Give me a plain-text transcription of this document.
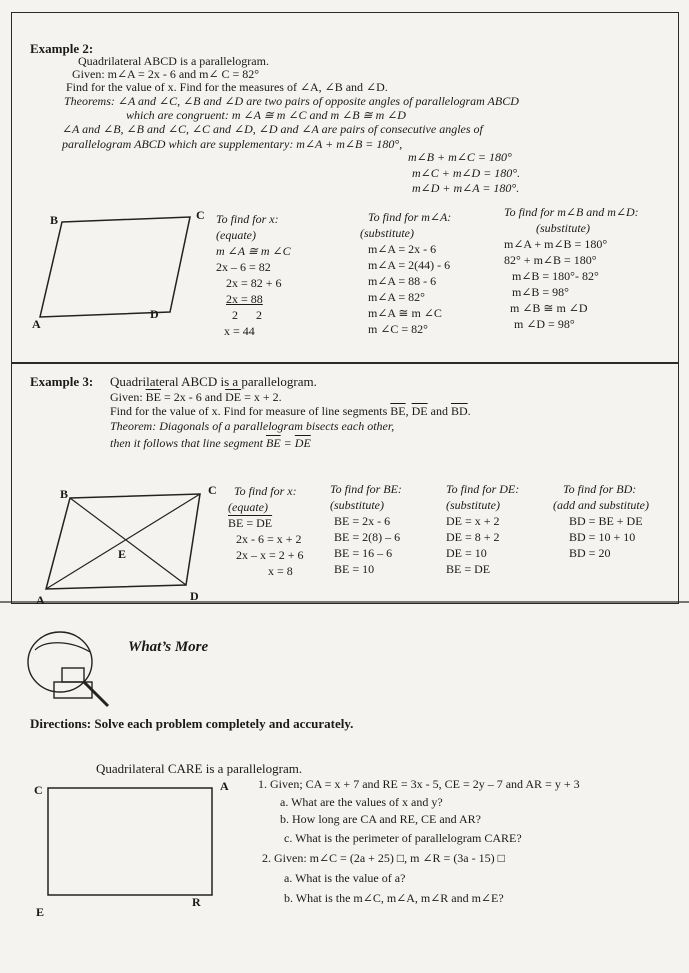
Example 2:
Quadrilateral ABCD is a parallelogram.
Given: m∠A = 2x - 6 and m∠ C = 82°
Find for the value of x. Find for the measures of ∠A, ∠B and ∠D.
Theorems: ∠A and ∠C, ∠B and ∠D are two pairs of opposite angles of parallelogram ABCD
which are congruent: m ∠A ≅ m ∠C and m ∠B ≅ m ∠D
∠A and ∠B, ∠B and ∠C, ∠C and ∠D, ∠D and ∠A are pairs of consecutive angles of
parallelogram ABCD which are supplementary: m∠A + m∠B = 180°,
m∠B + m∠C = 180°
m∠C + m∠D = 180°.
m∠D + m∠A = 180°.
B	C
A
D
To find for x:
(equate)
m ∠A ≅ m ∠C
2x – 6 = 82
2x = 82 + 6
2x = 88
2      2
x = 44
To find for m∠A:
(substitute)
m∠A = 2x - 6
m∠A = 2(44) - 6
m∠A = 88 - 6
m∠A = 82°
m∠A ≅ m ∠C
m ∠C = 82°
To find for m∠B and m∠D:
(substitute)
m∠A + m∠B = 180°
82° + m∠B = 180°
m∠B = 180°- 82°
m∠B = 98°
m ∠B ≅ m ∠D
m ∠D = 98°
Example 3: Quadrilateral ABCD is a parallelogram.
Given: $\overline{BE} = 2x - 6$ and $\overline{DE} = x + 2$.
Find for the value of x. Find for measure of line segments $\overline{BE}$, $\overline{DE}$ and $\overline{BD}$.
Theorem: Diagonals of a parallelogram bisects each other,
then it follows that line segment $\overline{BE} = \overline{DE}$
B	C
E
A	D
To find for x:
(equate)
BE = DE
2x - 6 = x + 2
2x – x = 2 + 6
x = 8
To find for BE:
(substitute)
BE = 2x - 6
BE = 2(8) – 6
BE = 16 – 6
BE = 10
To find for DE:
(substitute)
DE = x + 2
DE = 8 + 2
DE = 10
BE = DE
To find for BD:
(add and substitute)
BD = BE + DE
BD = 10 + 10
BD = 20
What’s More
Directions: Solve each problem completely and accurately.
Quadrilateral CARE is a parallelogram.
C	A
R
E
1. Given; CA = x + 7 and RE = 3x - 5, CE = 2y – 7 and AR = y + 3
a. What are the values of x and y?
b. How long are CA and RE, CE and AR?
c. What is the perimeter of parallelogram CARE?
2. Given: m∠C = (2a + 25) □, m ∠R = (3a - 15) □
a. What is the value of a?
b. What is the m∠C, m∠A, m∠R and m∠E?
